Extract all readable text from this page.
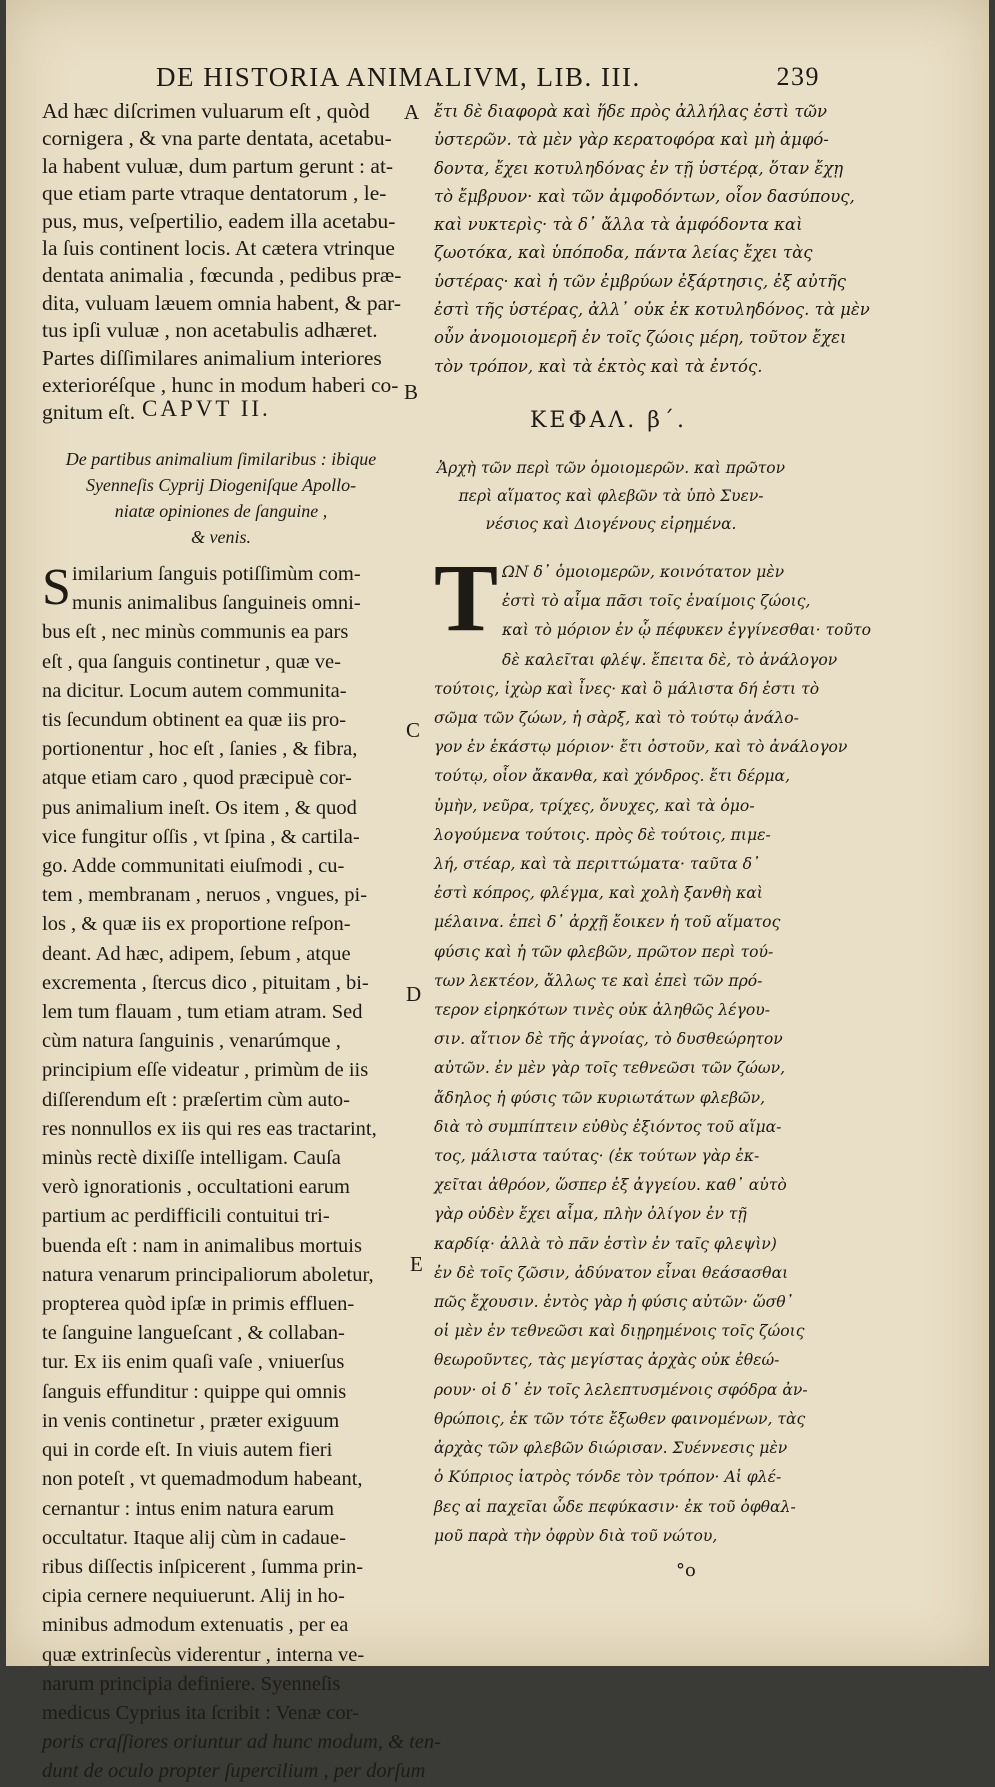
DE HISTORIA ANIMALIVM, LIB. III.	239
Ad hæc diſcrimen vuluarum eſt , quòd
cornigera , & vna parte dentata, acetabu-
la habent vuluæ, dum partum gerunt : at-
que etiam parte vtraque dentatorum , le-
pus, mus, veſpertilio, eadem illa acetabu-
la ſuis continent locis. At cætera vtrinque
dentata animalia , fœcunda , pedibus præ-
dita, vuluam læuem omnia habent, & par-
tus ipſi vuluæ , non acetabulis adhæret.
Partes diſſimilares animalium interiores
exterioréſque , hunc in modum haberi co-
gnitum eſt.
ἔτι δὲ διαφορὰ καὶ ἥδε πρὸς ἀλλήλας ἐστὶ τῶν
ὑστερῶν. τὰ μὲν γὰρ κερατοφόρα καὶ μὴ ἀμφό-
δοντα, ἔχει κοτυληδόνας ἐν τῇ ὑστέρᾳ, ὅταν ἔχῃ
τὸ ἔμβρυον· καὶ τῶν ἀμφοδόντων, οἷον δασύπους,
καὶ νυκτερὶς· τὰ δ᾽ ἄλλα τὰ ἀμφόδοντα καὶ
ζωοτόκα, καὶ ὑπόποδα, πάντα λείας ἔχει τὰς
ὑστέρας· καὶ ἡ τῶν ἐμβρύων ἐξάρτησις, ἐξ αὐτῆς
ἐστὶ τῆς ὑστέρας, ἀλλ᾽ οὐκ ἐκ κοτυληδόνος. τὰ μὲν
οὖν ἀνομοιομερῆ ἐν τοῖς ζώοις μέρη, τοῦτον ἔχει
τὸν τρόπον, καὶ τὰ ἐκτὸς καὶ τὰ ἐντός.
A
B
C
D
E
CAPVT II.	ΚΕΦΑΛ. β΄.
De partibus animalium ſimilaribus : ibique
Syenneſis Cyprij Diogeniſque Apollo-
niatæ opiniones de ſanguine ,
& venis.
Ἀρχὴ τῶν περὶ τῶν ὁμοιομερῶν. καὶ πρῶτον
περὶ αἵματος καὶ φλεβῶν τὰ ὑπὸ Συεν-
νέσιος καὶ Διογένους εἰρημένα.
S imilarium ſanguis potiſſimùm com-
munis animalibus ſanguineis omni-
bus eſt , nec minùs communis ea pars
eſt , qua ſanguis continetur , quæ ve-
na dicitur. Locum autem communita-
tis ſecundum obtinent ea quæ iis pro-
portionentur , hoc eſt , ſanies , & fibra,
atque etiam caro , quod præcipuè cor-
pus animalium ineſt. Os item , & quod
vice fungitur oſſis , vt ſpina , & cartila-
go. Adde communitati eiuſmodi , cu-
tem , membranam , neruos , vngues, pi-
los , & quæ iis ex proportione reſpon-
deant. Ad hæc, adipem, ſebum , atque
excrementa , ſtercus dico , pituitam , bi-
lem tum flauam , tum etiam atram. Sed
cùm natura ſanguinis , venarúmque ,
principium eſſe videatur , primùm de iis
diſſerendum eſt : præſertim cùm auto-
res nonnullos ex iis qui res eas tractarint,
minùs rectè dixiſſe intelligam. Cauſa
verò ignorationis , occultationi earum
partium ac perdifficili contuitui tri-
buenda eſt : nam in animalibus mortuis
natura venarum principaliorum aboletur,
propterea quòd ipſæ in primis effluen-
te ſanguine langueſcant , & collaban-
tur. Ex iis enim quaſi vaſe , vniuerſus
ſanguis effunditur : quippe qui omnis
in venis continetur , præter exiguum
qui in corde eſt. In viuis autem fieri
non poteſt , vt quemadmodum habeant,
cernantur : intus enim natura earum
occultatur. Itaque alij cùm in cadaue-
ribus diſſectis inſpicerent , ſumma prin-
cipia cernere nequiuerunt. Alij in ho-
minibus admodum extenuatis , per ea
quæ extrinſecùs viderentur , interna ve-
narum principia definiere. Syenneſis
medicus Cyprius ita ſcribit : Venæ cor-
poris craſſiores oriuntur ad hunc modum, & ten-
dunt de oculo propter ſupercilium , per dorſum
Τ ΩΝ δ᾽ ὁμοιομερῶν, κοινότατον μὲν
ἐστὶ τὸ αἷμα πᾶσι τοῖς ἐναίμοις ζώοις,
καὶ τὸ μόριον ἐν ᾧ πέφυκεν ἐγγίνεσθαι· τοῦτο
δὲ καλεῖται φλέψ. ἔπειτα δὲ, τὸ ἀνάλογον
τούτοις, ἰχὼρ καὶ ἶνες· καὶ ὃ μάλιστα δή ἐστι τὸ
σῶμα τῶν ζώων, ἡ σὰρξ, καὶ τὸ τούτῳ ἀνάλο-
γον ἐν ἑκάστῳ μόριον· ἔτι ὀστοῦν, καὶ τὸ ἀνάλογον
τούτῳ, οἷον ἄκανθα, καὶ χόνδρος. ἔτι δέρμα,
ὑμὴν, νεῦρα, τρίχες, ὄνυχες, καὶ τὰ ὁμο-
λογούμενα τούτοις. πρὸς δὲ τούτοις, πιμε-
λή, στέαρ, καὶ τὰ περιττώματα· ταῦτα δ᾽
ἐστὶ κόπρος, φλέγμα, καὶ χολὴ ξανθὴ καὶ
μέλαινα. ἐπεὶ δ᾽ ἀρχῇ ἔοικεν ἡ τοῦ αἵματος
φύσις καὶ ἡ τῶν φλεβῶν, πρῶτον περὶ τού-
των λεκτέον, ἄλλως τε καὶ ἐπεὶ τῶν πρό-
τερον εἰρηκότων τινὲς οὐκ ἀληθῶς λέγου-
σιν. αἴτιον δὲ τῆς ἀγνοίας, τὸ δυσθεώρητον
αὐτῶν. ἐν μὲν γὰρ τοῖς τεθνεῶσι τῶν ζώων,
ἄδηλος ἡ φύσις τῶν κυριωτάτων φλεβῶν,
διὰ τὸ συμπίπτειν εὐθὺς ἐξιόντος τοῦ αἵμα-
τος, μάλιστα ταύτας· (ἐκ τούτων γὰρ ἐκ-
χεῖται ἀθρόον, ὥσπερ ἐξ ἀγγείου. καθ᾽ αὑτὸ
γὰρ οὐδὲν ἔχει αἷμα, πλὴν ὀλίγον ἐν τῇ
καρδίᾳ· ἀλλὰ τὸ πᾶν ἐστὶν ἐν ταῖς φλεψὶν)
ἐν δὲ τοῖς ζῶσιν, ἀδύνατον εἶναι θεάσασθαι
πῶς ἔχουσιν. ἐντὸς γὰρ ἡ φύσις αὐτῶν· ὥσθ᾽
οἱ μὲν ἐν τεθνεῶσι καὶ διῃρημένοις τοῖς ζώοις
θεωροῦντες, τὰς μεγίστας ἀρχὰς οὐκ ἐθεώ-
ρουν· οἱ δ᾽ ἐν τοῖς λελεπτυσμένοις σφόδρα ἀν-
θρώποις, ἐκ τῶν τότε ἔξωθεν φαινομένων, τὰς
ἀρχὰς τῶν φλεβῶν διώρισαν. Συέννεσις μὲν
ὁ Κύπριος ἰατρὸς τόνδε τὸν τρόπον· Αἱ φλέ-
βες αἱ παχεῖαι ὧδε πεφύκασιν· ἐκ τοῦ ὀφθαλ-
μοῦ παρὰ τὴν ὀφρὺν διὰ τοῦ νώτου,
°o
